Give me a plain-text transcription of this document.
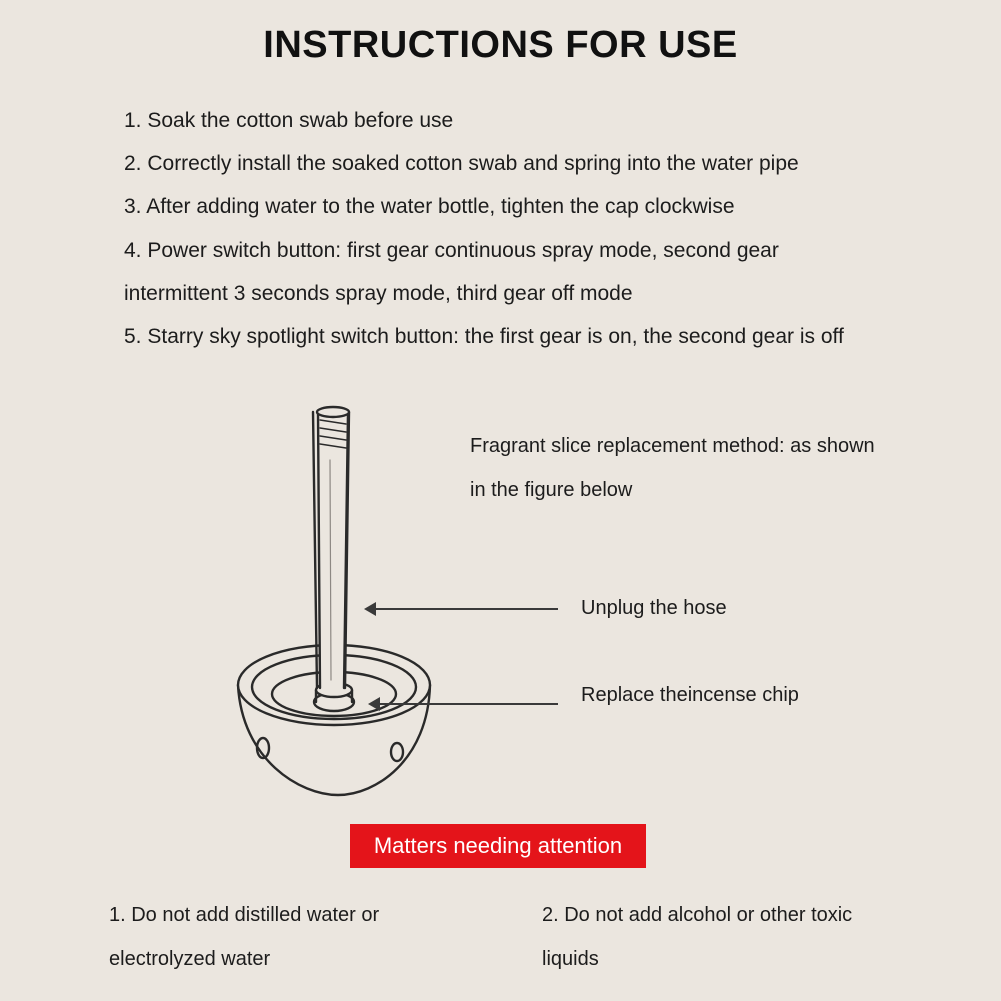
INSTRUCTIONS FOR USE
1. Soak the cotton swab before use
2. Correctly install the soaked cotton swab and spring into the water pipe
3. After adding water to the water bottle, tighten the cap clockwise
4. Power switch button: first gear continuous spray mode, second gear intermittent 3 seconds spray mode, third gear off mode
5. Starry sky spotlight switch button: the first gear is on, the second gear is off
Fragrant slice replacement method: as shown in the figure below
Unplug the hose
Replace theincense chip
Matters needing attention
1. Do not add distilled water or electrolyzed water
2. Do not add alcohol or other toxic liquids
